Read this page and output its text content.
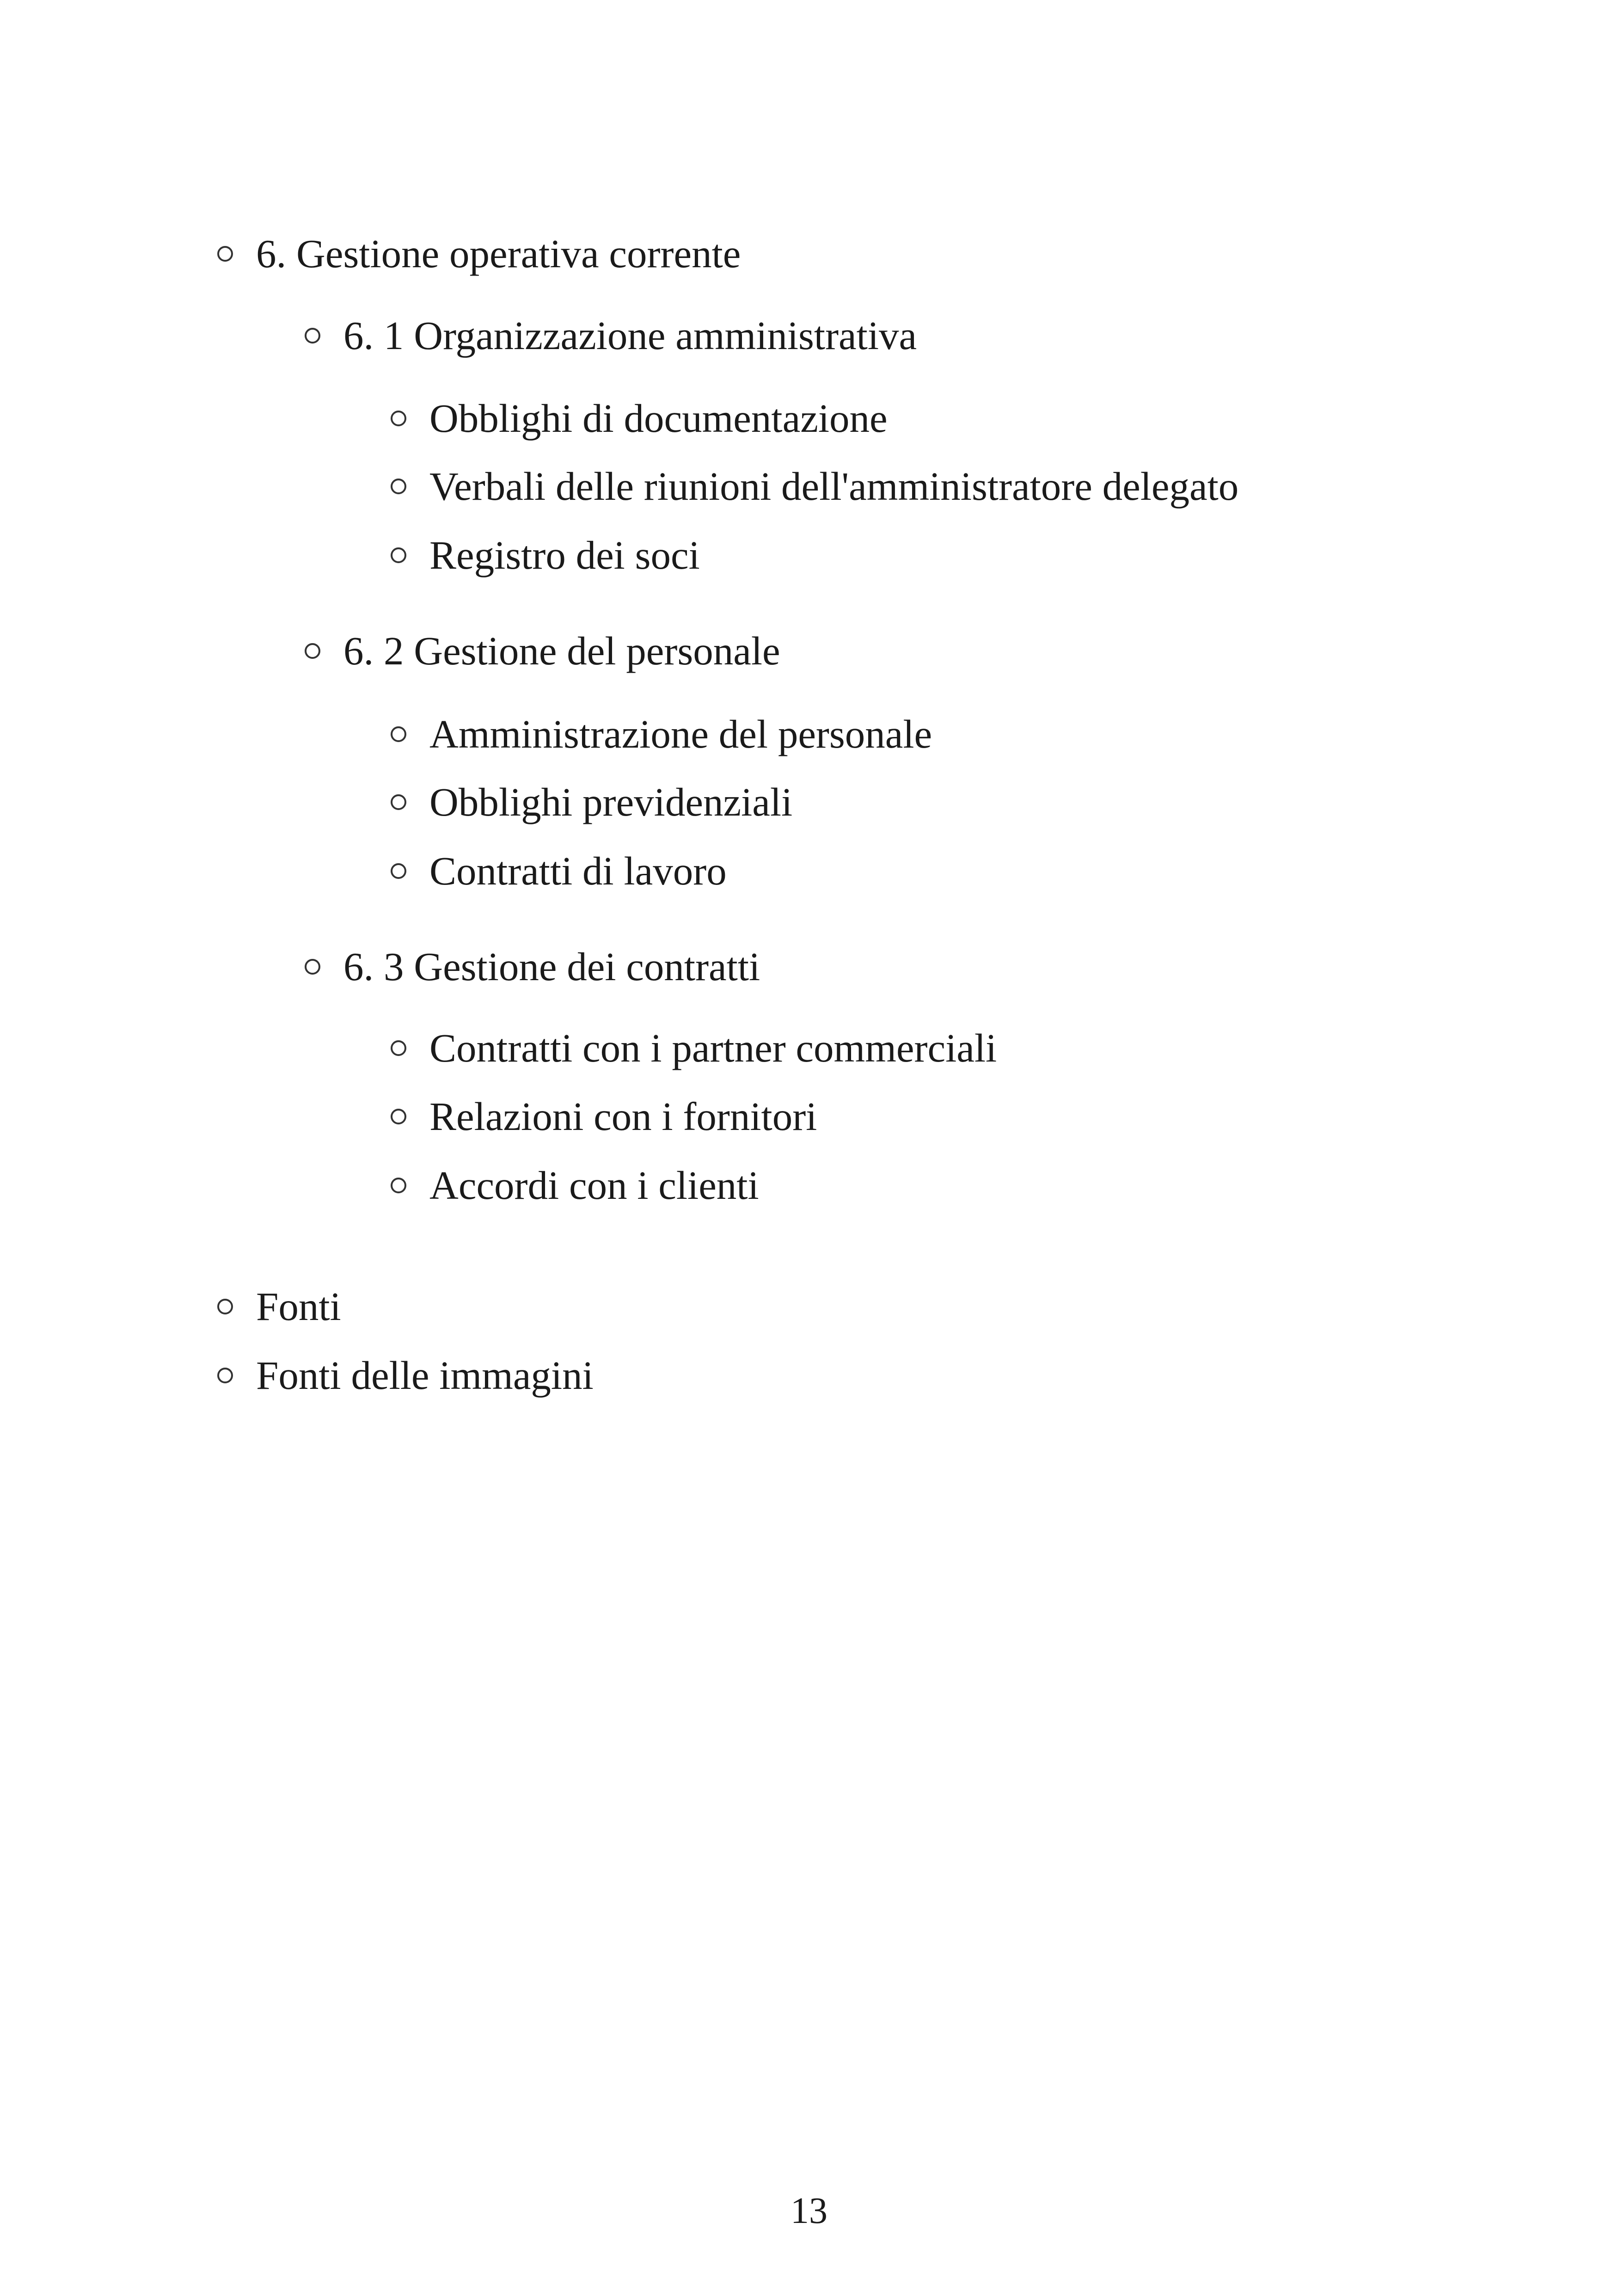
6. Gestione operativa corrente
6. 1 Organizzazione amministrativa
Obblighi di documentazione
Verbali delle riunioni dell'amministratore delegato
Registro dei soci
6. 2 Gestione del personale
Amministrazione del personale
Obblighi previdenziali
Contratti di lavoro
6. 3 Gestione dei contratti
Contratti con i partner commerciali
Relazioni con i fornitori
Accordi con i clienti
Fonti
Fonti delle immagini
13
